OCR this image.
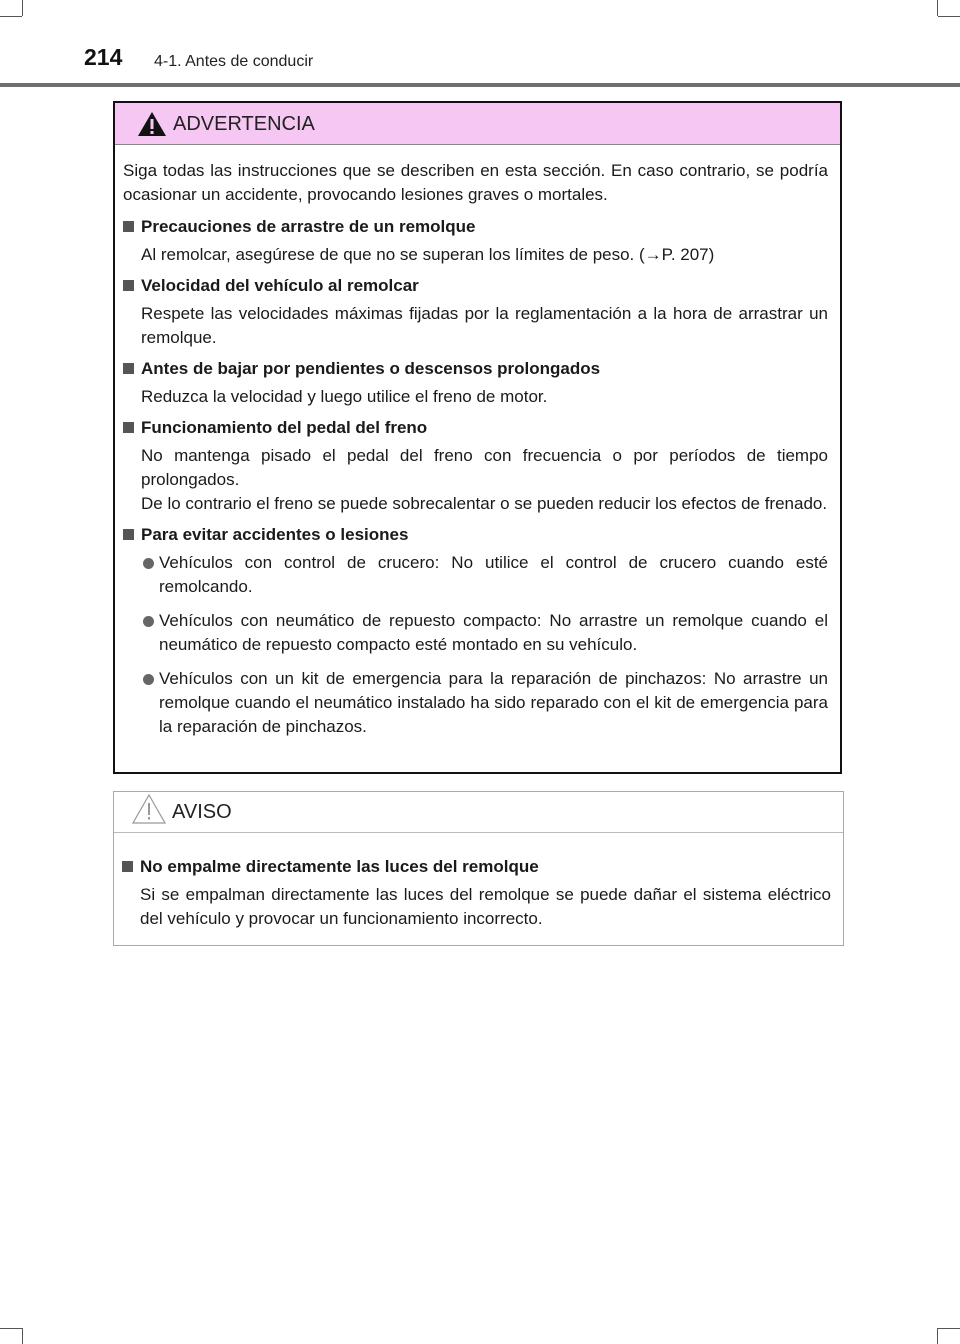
214 4-1. Antes de conducir
ADVERTENCIA

Siga todas las instrucciones que se describen en esta sección. En caso contrario, se podría ocasionar un accidente, provocando lesiones graves o mortales.

Precauciones de arrastre de un remolque
Al remolcar, asegúrese de que no se superan los límites de peso. (→P. 207)
Velocidad del vehículo al remolcar
Respete las velocidades máximas fijadas por la reglamentación a la hora de arrastrar un remolque.
Antes de bajar por pendientes o descensos prolongados
Reduzca la velocidad y luego utilice el freno de motor.
Funcionamiento del pedal del freno
No mantenga pisado el pedal del freno con frecuencia o por períodos de tiempo prolongados.
De lo contrario el freno se puede sobrecalentar o se pueden reducir los efectos de frenado.
Para evitar accidentes o lesiones
Vehículos con control de crucero: No utilice el control de crucero cuando esté remolcando.
Vehículos con neumático de repuesto compacto: No arrastre un remolque cuando el neumático de repuesto compacto esté montado en su vehículo.
Vehículos con un kit de emergencia para la reparación de pinchazos: No arrastre un remolque cuando el neumático instalado ha sido reparado con el kit de emergencia para la reparación de pinchazos.
AVISO
No empalme directamente las luces del remolque
Si se empalman directamente las luces del remolque se puede dañar el sistema eléctrico del vehículo y provocar un funcionamiento incorrecto.
